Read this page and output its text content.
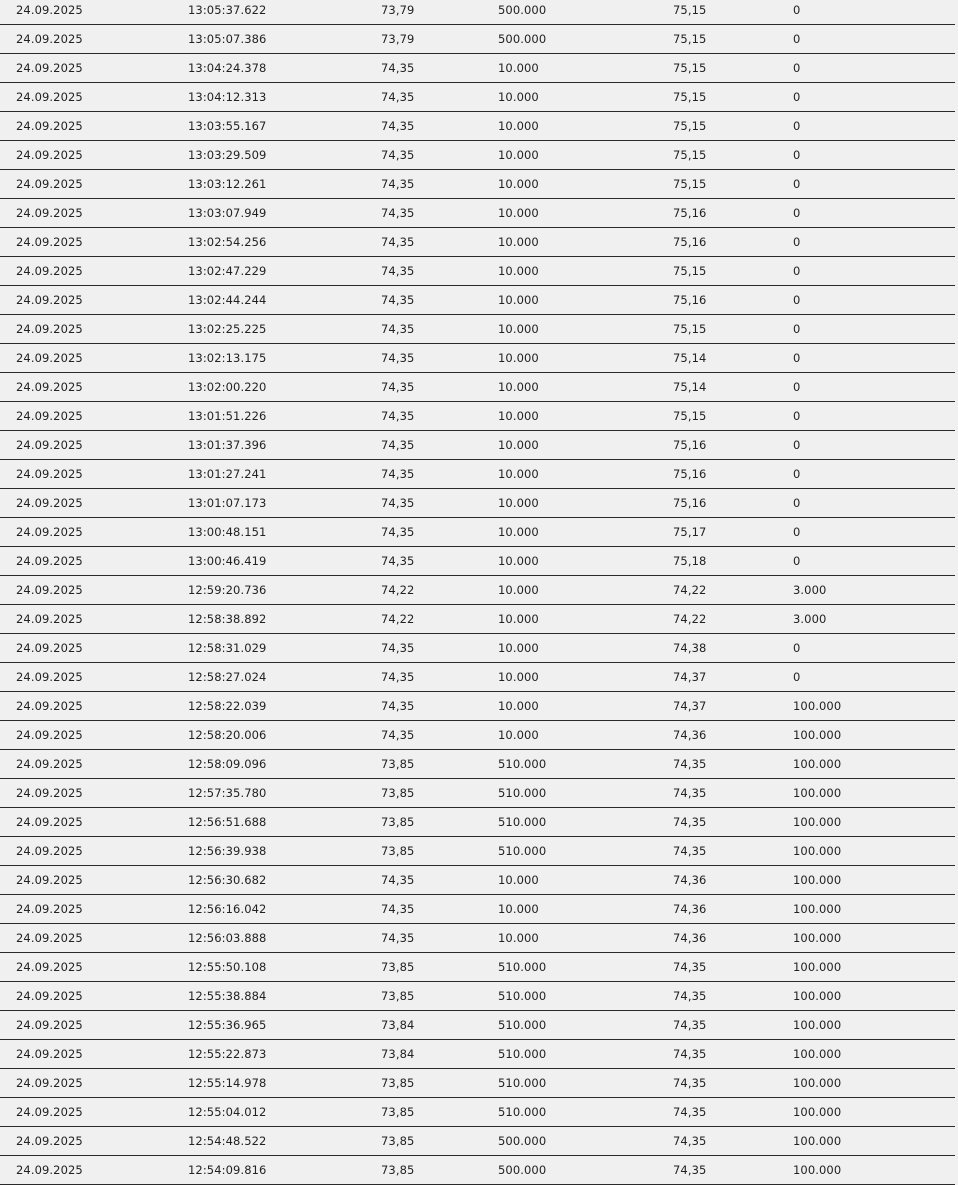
24.09.2025	13:05:37.622	73,79	500.000	75,15	0
24.09.2025	13:05:07.386	73,79	500.000	75,15	0
24.09.2025	13:04:24.378	74,35	10.000	75,15	0
24.09.2025	13:04:12.313	74,35	10.000	75,15	0
24.09.2025	13:03:55.167	74,35	10.000	75,15	0
24.09.2025	13:03:29.509	74,35	10.000	75,15	0
24.09.2025	13:03:12.261	74,35	10.000	75,15	0
24.09.2025	13:03:07.949	74,35	10.000	75,16	0
24.09.2025	13:02:54.256	74,35	10.000	75,16	0
24.09.2025	13:02:47.229	74,35	10.000	75,15	0
24.09.2025	13:02:44.244	74,35	10.000	75,16	0
24.09.2025	13:02:25.225	74,35	10.000	75,15	0
24.09.2025	13:02:13.175	74,35	10.000	75,14	0
24.09.2025	13:02:00.220	74,35	10.000	75,14	0
24.09.2025	13:01:51.226	74,35	10.000	75,15	0
24.09.2025	13:01:37.396	74,35	10.000	75,16	0
24.09.2025	13:01:27.241	74,35	10.000	75,16	0
24.09.2025	13:01:07.173	74,35	10.000	75,16	0
24.09.2025	13:00:48.151	74,35	10.000	75,17	0
24.09.2025	13:00:46.419	74,35	10.000	75,18	0
24.09.2025	12:59:20.736	74,22	10.000	74,22	3.000
24.09.2025	12:58:38.892	74,22	10.000	74,22	3.000
24.09.2025	12:58:31.029	74,35	10.000	74,38	0
24.09.2025	12:58:27.024	74,35	10.000	74,37	0
24.09.2025	12:58:22.039	74,35	10.000	74,37	100.000
24.09.2025	12:58:20.006	74,35	10.000	74,36	100.000
24.09.2025	12:58:09.096	73,85	510.000	74,35	100.000
24.09.2025	12:57:35.780	73,85	510.000	74,35	100.000
24.09.2025	12:56:51.688	73,85	510.000	74,35	100.000
24.09.2025	12:56:39.938	73,85	510.000	74,35	100.000
24.09.2025	12:56:30.682	74,35	10.000	74,36	100.000
24.09.2025	12:56:16.042	74,35	10.000	74,36	100.000
24.09.2025	12:56:03.888	74,35	10.000	74,36	100.000
24.09.2025	12:55:50.108	73,85	510.000	74,35	100.000
24.09.2025	12:55:38.884	73,85	510.000	74,35	100.000
24.09.2025	12:55:36.965	73,84	510.000	74,35	100.000
24.09.2025	12:55:22.873	73,84	510.000	74,35	100.000
24.09.2025	12:55:14.978	73,85	510.000	74,35	100.000
24.09.2025	12:55:04.012	73,85	510.000	74,35	100.000
24.09.2025	12:54:48.522	73,85	500.000	74,35	100.000
24.09.2025	12:54:09.816	73,85	500.000	74,35	100.000
